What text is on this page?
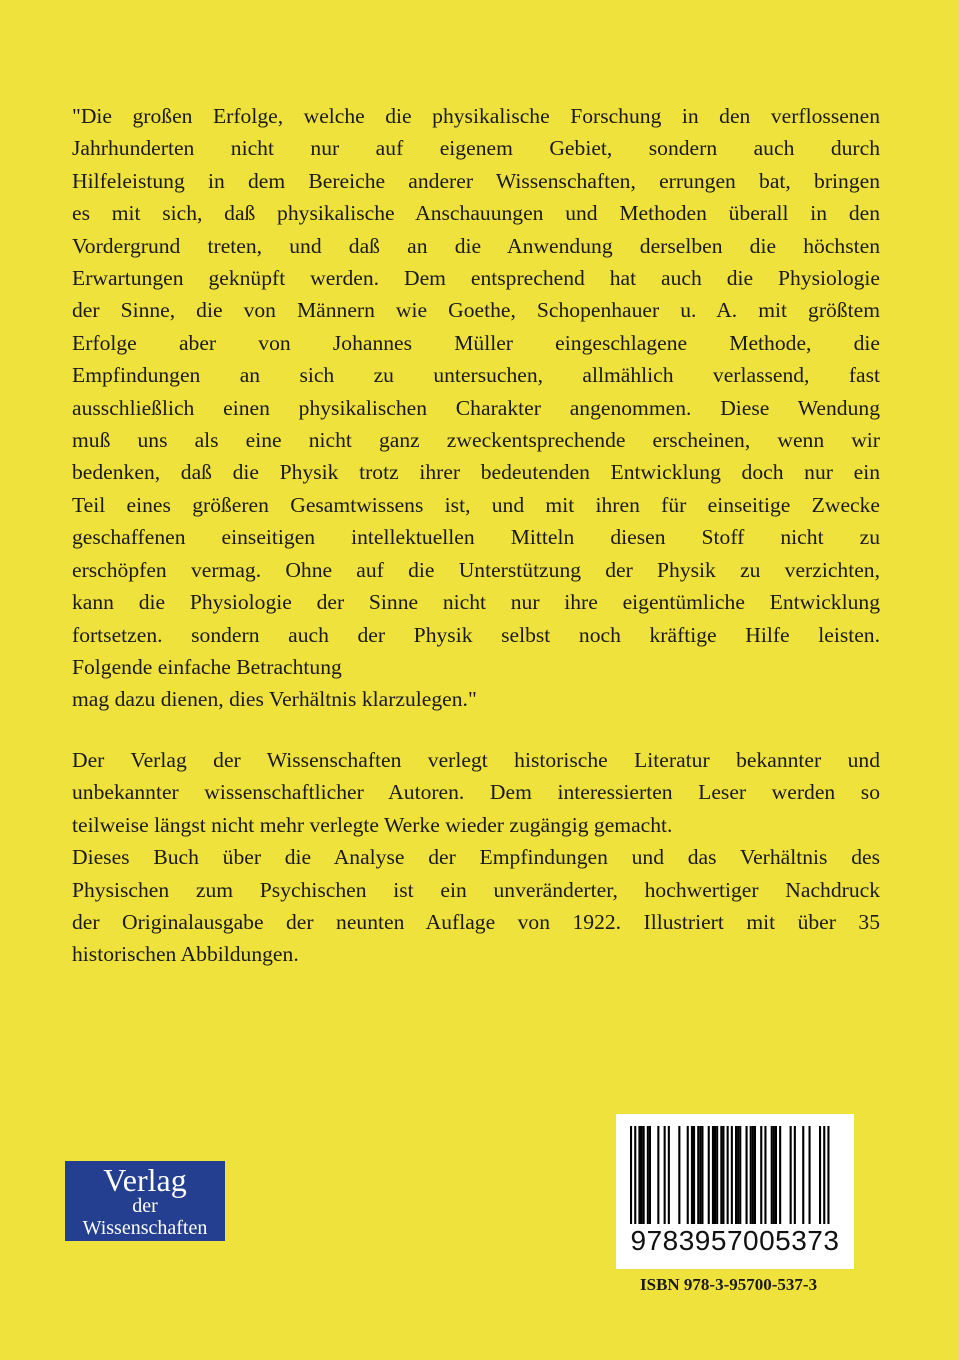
"Die großen Erfolge, welche die physikalische Forschung in den verflossenen
Jahrhunderten nicht nur auf eigenem Gebiet, sondern auch durch
Hilfeleistung in dem Bereiche anderer Wissenschaften, errungen bat, bringen
es mit sich, daß physikalische Anschauungen und Methoden überall in den
Vordergrund treten, und daß an die Anwendung derselben die höchsten
Erwartungen geknüpft werden. Dem entsprechend hat auch die Physiologie
der Sinne, die von Männern wie Goethe, Schopenhauer u. A. mit größtem
Erfolge aber von Johannes Müller eingeschlagene Methode, die
Empfindungen an sich zu untersuchen, allmählich verlassend, fast
ausschließlich einen physikalischen Charakter angenommen. Diese Wendung
muß uns als eine nicht ganz zweckentsprechende erscheinen, wenn wir
bedenken, daß die Physik trotz ihrer bedeutenden Entwicklung doch nur ein
Teil eines größeren Gesamtwissens ist, und mit ihren für einseitige Zwecke
geschaffenen einseitigen intellektuellen Mitteln diesen Stoff nicht zu
erschöpfen vermag. Ohne auf die Unterstützung der Physik zu verzichten,
kann die Physiologie der Sinne nicht nur ihre eigentümliche Entwicklung
fortsetzen. sondern auch der Physik selbst noch kräftige Hilfe leisten.
Folgende einfache Betrachtung
mag dazu dienen, dies Verhältnis klarzulegen."
Der Verlag der Wissenschaften verlegt historische Literatur bekannter und
unbekannter wissenschaftlicher Autoren. Dem interessierten Leser werden so
teilweise längst nicht mehr verlegte Werke wieder zugängig gemacht.
Dieses Buch über die Analyse der Empfindungen und das Verhältnis des
Physischen zum Psychischen ist ein unveränderter, hochwertiger Nachdruck
der Originalausgabe der neunten Auflage von 1922. Illustriert mit über 35
historischen Abbildungen.
Verlag
der
Wissenschaften	9783957005373
ISBN 978-3-95700-537-3
